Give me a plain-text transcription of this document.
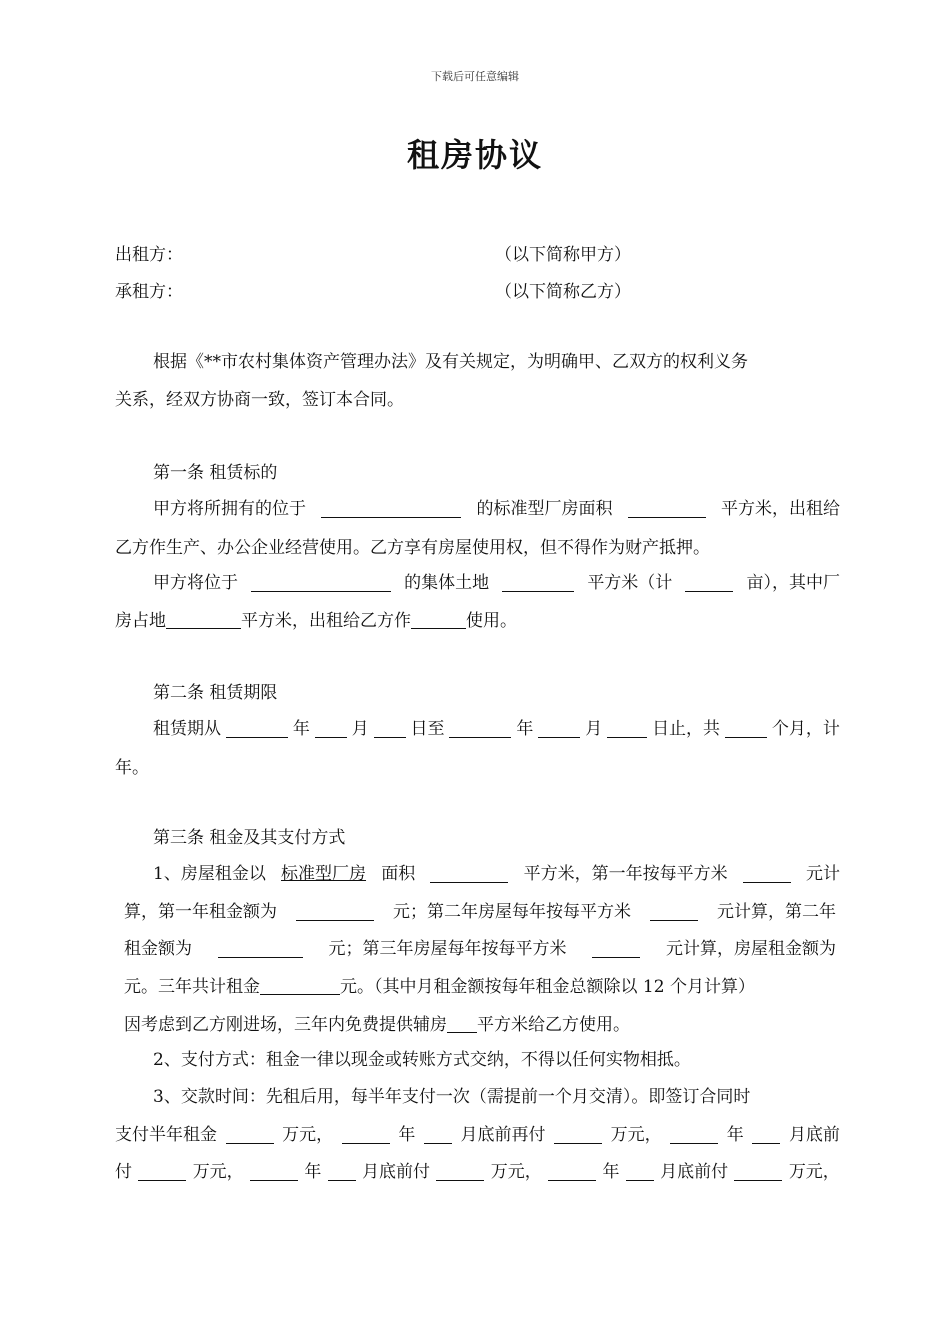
下载后可任意编辑
租房协议
出租方：	（以下简称甲方）
承租方：	（以下简称乙方）
根据《**市农村集体资产管理办法》及有关规定，为明确甲、乙双方的权利义务
关系，经双方协商一致，签订本合同。
第一条 租赁标的
甲方将所拥有的位于	的标准型厂房面积	平方米，出租给
乙方作生产、办公企业经营使用。乙方享有房屋使用权，但不得作为财产抵押。
甲方将位于	的集体土地	平方米（计	亩），其中厂
房占地	平方米，出租给乙方作	使用。
第二条 租赁期限
租赁期从	年 月 日至	年	月	日止，共	个月，计
年。
第三条 租金及其支付方式
1、房屋租金以 标准型厂房 面积	平方米，第一年按每平方米	元计
算，第一年租金额为	元；第二年房屋每年按每平方米	元计算，第二年
租金额为	元；第三年房屋每年按每平方米	元计算，房屋租金额为
元。三年共计租金	元。（其中月租金额按每年租金总额除以 12 个月计算）
因考虑到乙方刚进场，三年内免费提供辅房 平方米给乙方使用。
2、支付方式：租金一律以现金或转账方式交纳，不得以任何实物相抵。
3、交款时间：先租后用，每半年支付一次（需提前一个月交清）。即签订合同时
支付半年租金	万元，	年	月底前再付	万元，	年	月底前
付	万元，	年 月底前付	万元，	年 月底前付	万元，
